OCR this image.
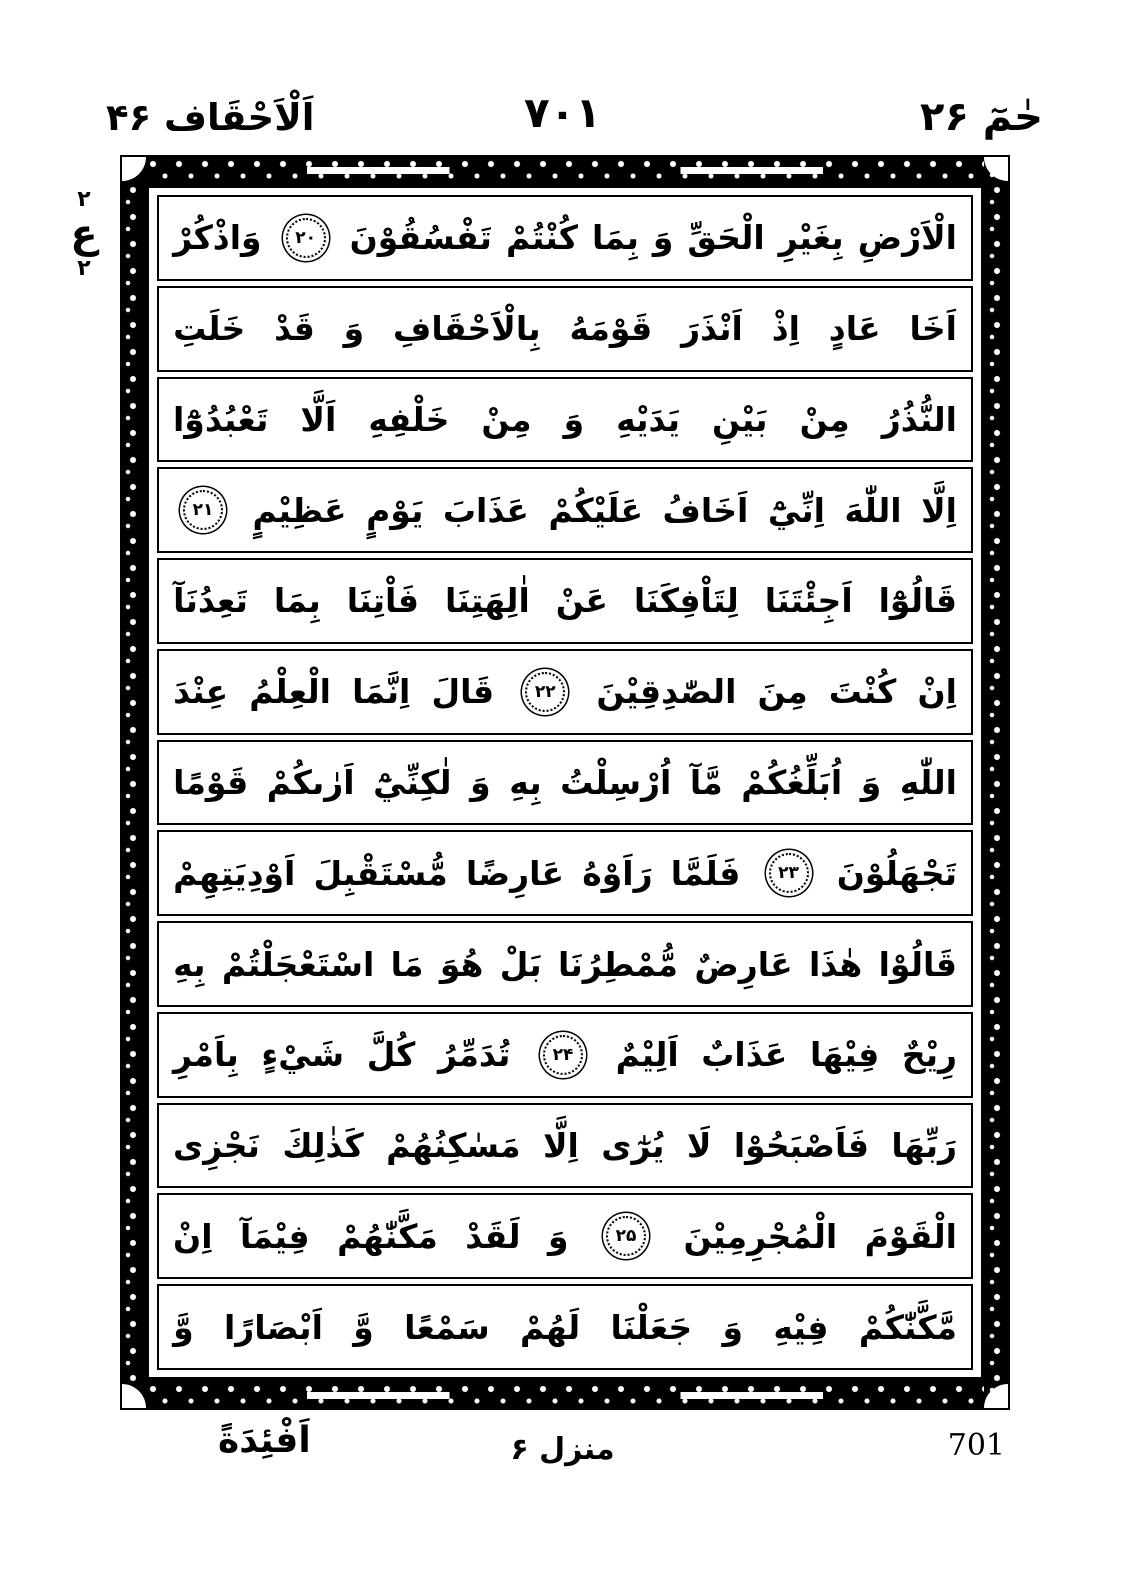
اَلْاَحْقَاف ۴۶	۷۰۱	حٰمٓ ۲۶
۲
ع
۲
الْاَرْضِ
بِغَيْرِ
الْحَقِّ
وَ
بِمَا
كُنْتُمْ
تَفْسُقُوْنَ
۲۰
وَاذْكُرْ
اَخَا
عَادٍ
اِذْ
اَنْذَرَ
قَوْمَهُ
بِالْاَحْقَافِ
وَ
قَدْ
خَلَتِ
النُّذُرُ
مِنْ
بَيْنِ
يَدَيْهِ
وَ
مِنْ
خَلْفِهِ
اَلَّا
تَعْبُدُوْٓا
اِلَّا
اللّٰهَ
اِنِّيْٓ
اَخَافُ
عَلَيْكُمْ
عَذَابَ
يَوْمٍ
عَظِيْمٍ
۲۱
قَالُوْٓا
اَجِئْتَنَا
لِتَاْفِكَنَا
عَنْ
اٰلِهَتِنَا
فَاْتِنَا
بِمَا
تَعِدُنَآ
اِنْ
كُنْتَ
مِنَ
الصّٰدِقِيْنَ
۲۲
قَالَ
اِنَّمَا
الْعِلْمُ
عِنْدَ
اللّٰهِ
وَ
اُبَلِّغُكُمْ
مَّآ
اُرْسِلْتُ
بِهِ
وَ
لٰكِنِّيْٓ
اَرٰىكُمْ
قَوْمًا
تَجْهَلُوْنَ
۲۳
فَلَمَّا
رَاَوْهُ
عَارِضًا
مُّسْتَقْبِلَ
اَوْدِيَتِهِمْ
قَالُوْا
هٰذَا
عَارِضٌ
مُّمْطِرُنَا
بَلْ
هُوَ
مَا
اسْتَعْجَلْتُمْ
بِهِ
رِيْحٌ
فِيْهَا
عَذَابٌ
اَلِيْمٌ
۲۴
تُدَمِّرُ
كُلَّ
شَيْءٍ
بِاَمْرِ
رَبِّهَا
فَاَصْبَحُوْا
لَا
يُرٰٓى
اِلَّا
مَسٰكِنُهُمْ
كَذٰلِكَ
نَجْزِى
الْقَوْمَ
الْمُجْرِمِيْنَ
۲۵
وَ
لَقَدْ
مَكَّنّٰهُمْ
فِيْمَآ
اِنْ
مَّكَّنّٰكُمْ
فِيْهِ
وَ
جَعَلْنَا
لَهُمْ
سَمْعًا
وَّ
اَبْصَارًا
وَّ
اَفْئِدَةً	منزل ۶	701
